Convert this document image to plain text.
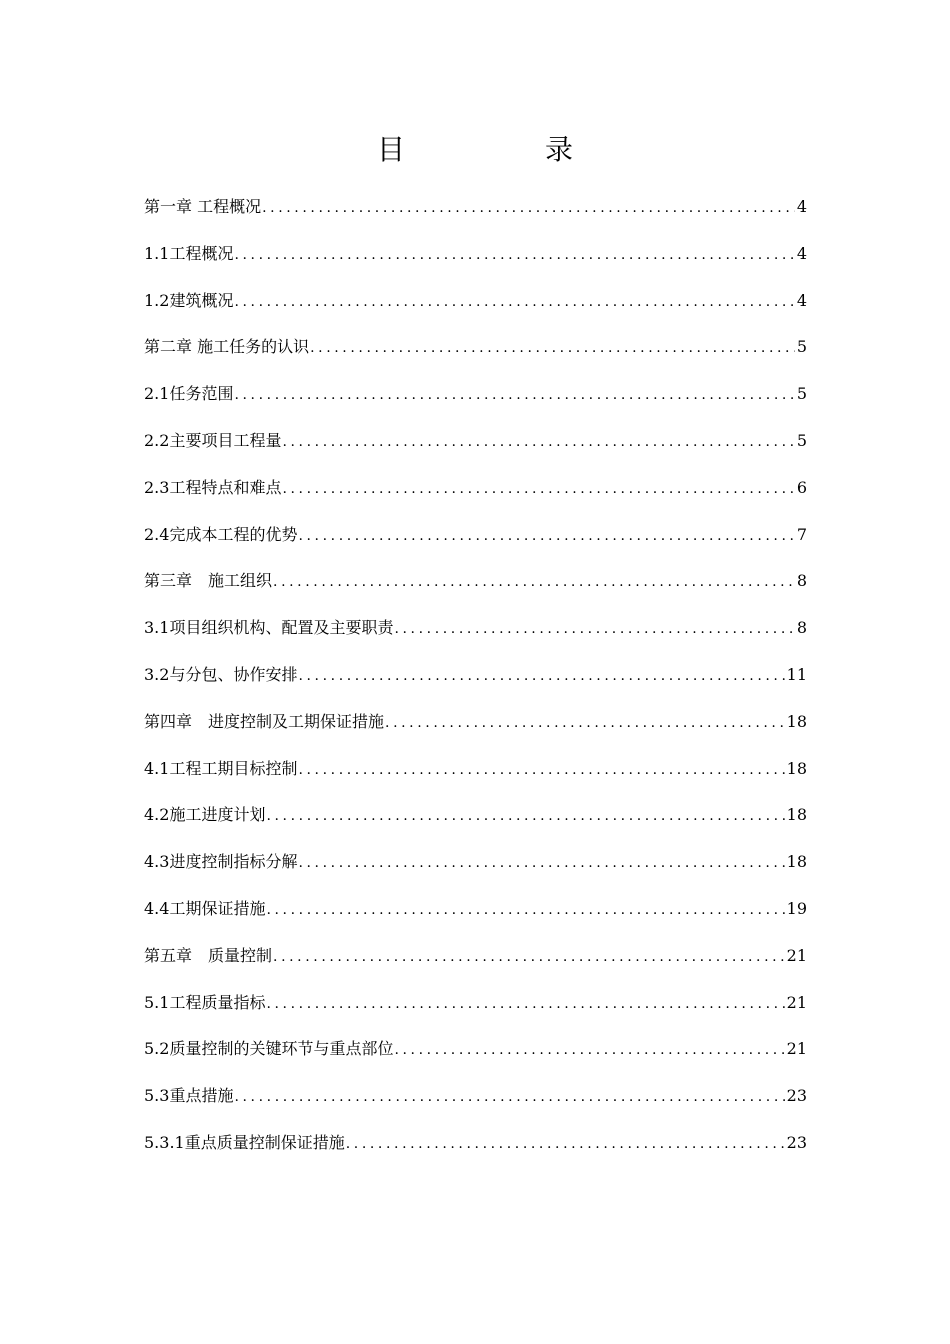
目　录
第一章 工程概况 .....	4
1.1工程概况 .....	4
1.2建筑概况 .....	4
第二章 施工任务的认识 .....	5
2.1任务范围 .....	5
2.2主要项目工程量 .....	5
2.3工程特点和难点 .....	6
2.4完成本工程的优势 .....	7
第三章　施工组织 .....	8
3.1项目组织机构、配置及主要职责 .....	8
3.2与分包、协作安排 .....	11
第四章　进度控制及工期保证措施 .....	18
4.1工程工期目标控制 .....	18
4.2施工进度计划 .....	18
4.3进度控制指标分解 .....	18
4.4工期保证措施 .....	19
第五章　质量控制 .....	21
5.1工程质量指标 .....	21
5.2质量控制的关键环节与重点部位 .....	21
5.3重点措施 .....	23
5.3.1重点质量控制保证措施 .....	23
